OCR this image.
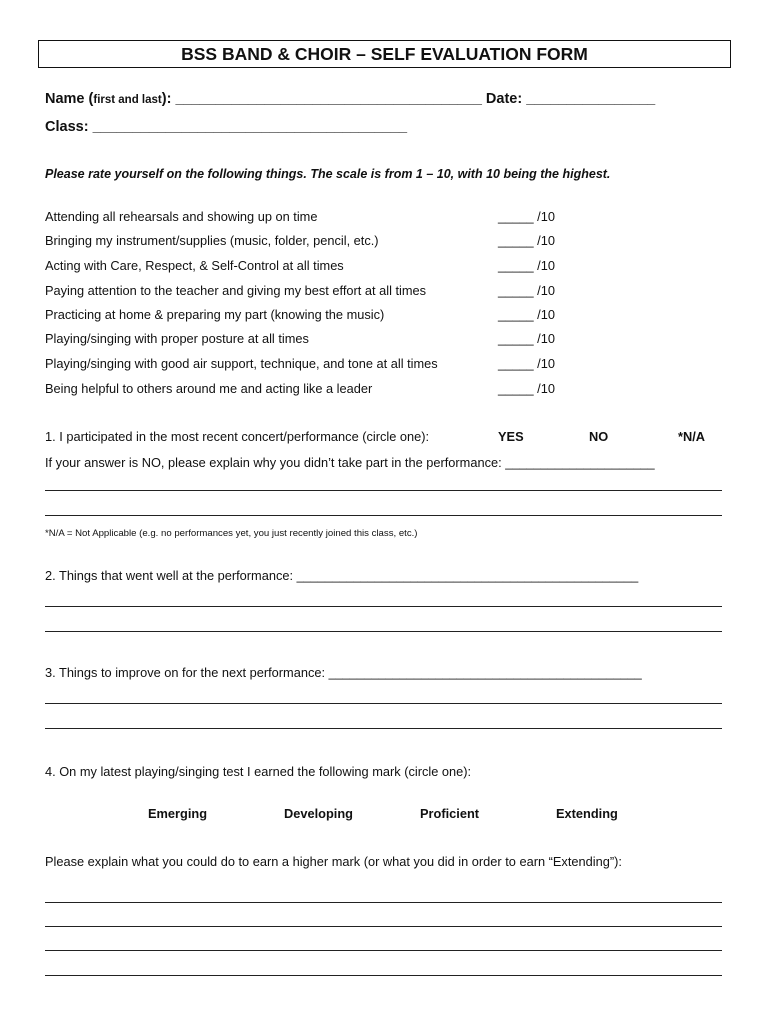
BSS BAND & CHOIR – SELF EVALUATION FORM
Name (first and last): ______________________________________ Date: ________________
Class: _______________________________________
Please rate yourself on the following things. The scale is from 1 – 10, with 10 being the highest.
Attending all rehearsals and showing up on time	_____ /10
Bringing my instrument/supplies (music, folder, pencil, etc.)	_____ /10
Acting with Care, Respect, & Self-Control at all times	_____ /10
Paying attention to the teacher and giving my best effort at all times	_____ /10
Practicing at home & preparing my part (knowing the music)	_____ /10
Playing/singing with proper posture at all times	_____ /10
Playing/singing with good air support, technique, and tone at all times	_____ /10
Being helpful to others around me and acting like a leader	_____ /10
1. I participated in the most recent concert/performance (circle one):	YES	NO	*N/A
If your answer is NO, please explain why you didn’t take part in the performance: _____________________
*N/A = Not Applicable (e.g. no performances yet, you just recently joined this class, etc.)
2. Things that went well at the performance: ________________________________________________
3. Things to improve on for the next performance: ____________________________________________
4. On my latest playing/singing test I earned the following mark (circle one):
Emerging	Developing	Proficient	Extending
Please explain what you could do to earn a higher mark (or what you did in order to earn “Extending”):
